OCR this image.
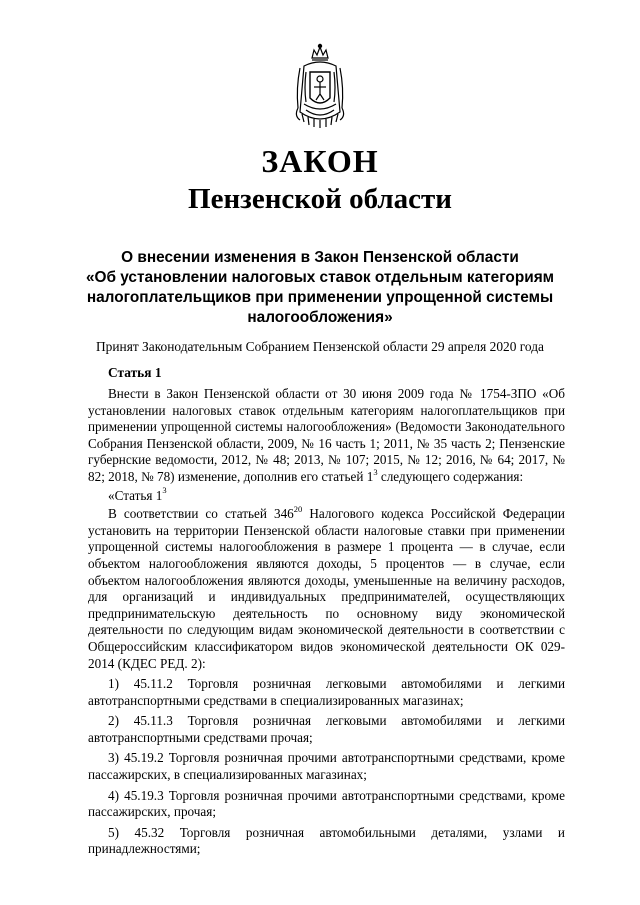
ЗАКОН
Пензенской области
О внесении изменения в Закон Пензенской области
«Об установлении налоговых ставок отдельным категориям
налогоплательщиков при применении упрощенной системы
налогообложения»

Принят Законодательным Собранием Пензенской области 29 апреля 2020 года

Статья 1

Внести в Закон Пензенской области от 30 июня 2009 года № 1754-ЗПО «Об установлении налоговых ставок отдельным категориям налогоплательщиков при применении упрощенной системы налогообложения» (Ведомости Законодательного Собрания Пензенской области, 2009, № 16 часть 1; 2011, № 35 часть 2; Пензенские губернские ведомости, 2012, № 48; 2013, № 107; 2015, № 12; 2016, № 64; 2017, № 82; 2018, № 78) изменение, дополнив его статьей $1^3$ следующего содержания:

«Статья $1^3$

В соответствии со статьей $346^{20}$ Налогового кодекса Российской Федерации установить на территории Пензенской области налоговые ставки при применении упрощенной системы налогообложения в размере 1 процента — в случае, если объектом налогообложения являются доходы, 5 процентов — в случае, если объектом налогообложения являются доходы, уменьшенные на величину расходов, для организаций и индивидуальных предпринимателей, осуществляющих предпринимательскую деятельность по основному виду экономической деятельности по следующим видам экономической деятельности в соответствии с Общероссийским классификатором видов экономической деятельности ОК 029-2014 (КДЕС РЕД. 2):

1) 45.11.2 Торговля розничная легковыми автомобилями и легкими автотранспортными средствами в специализированных магазинах;

2) 45.11.3 Торговля розничная легковыми автомобилями и легкими автотранспортными средствами прочая;

3) 45.19.2 Торговля розничная прочими автотранспортными средствами, кроме пассажирских, в специализированных магазинах;

4) 45.19.3 Торговля розничная прочими автотранспортными средствами, кроме пассажирских, прочая;

5) 45.32 Торговля розничная автомобильными деталями, узлами и принадлежностями;
